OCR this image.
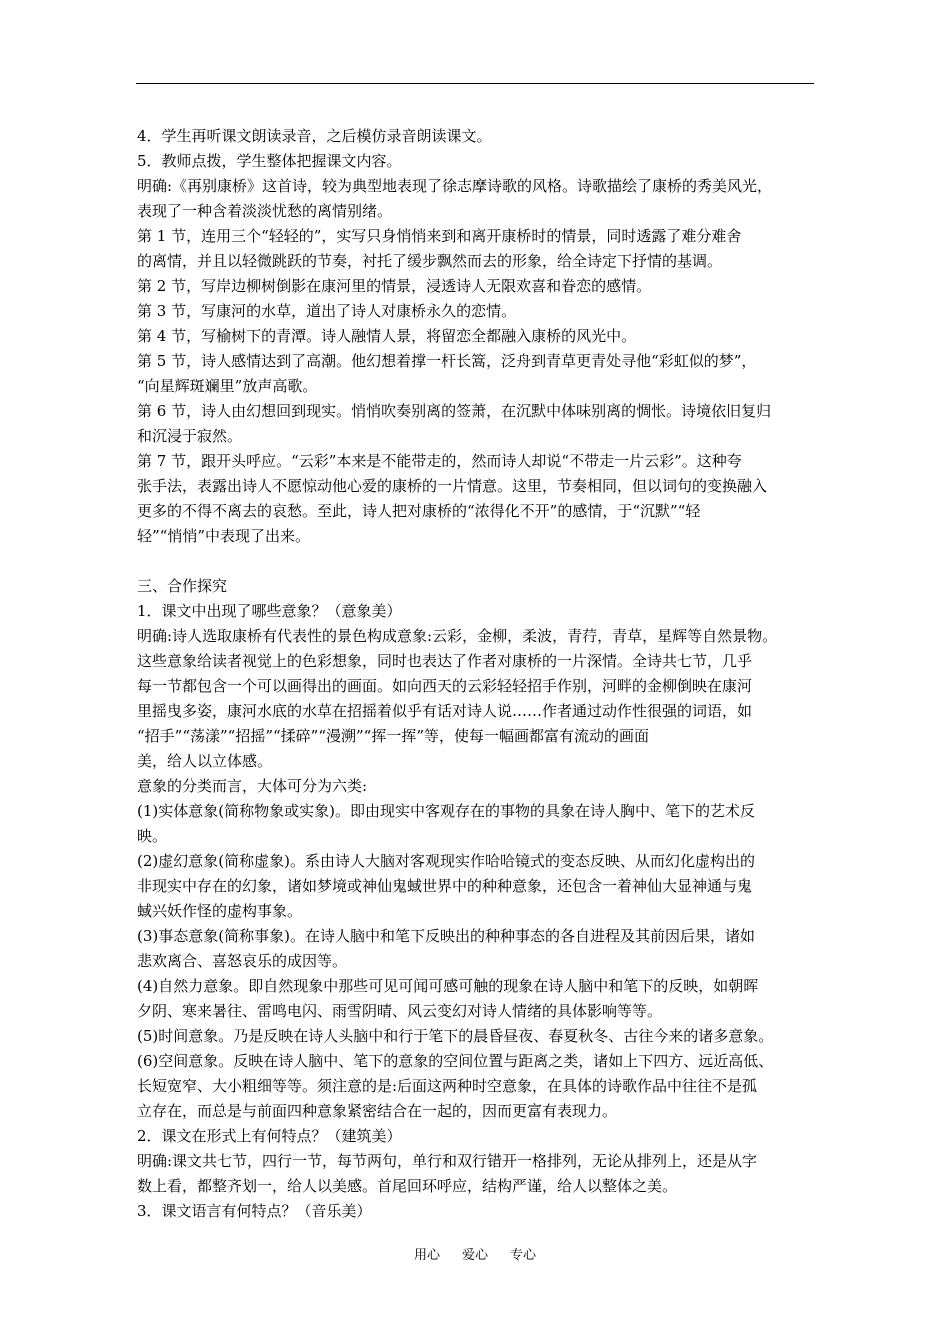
4．学生再听课文朗读录音，之后模仿录音朗读课文。
5．教师点拨，学生整体把握课文内容。
明确:《再别康桥》这首诗，较为典型地表现了徐志摩诗歌的风格。诗歌描绘了康桥的秀美风光，
表现了一种含着淡淡忧愁的离情别绪。
第 1 节，连用三个“轻轻的”，实写只身悄悄来到和离开康桥时的情景，同时透露了难分难舍
的离情，并且以轻微跳跃的节奏，衬托了缓步飘然而去的形象，给全诗定下抒情的基调。
第 2 节，写岸边柳树倒影在康河里的情景，浸透诗人无限欢喜和眷恋的感情。
第 3 节，写康河的水草，道出了诗人对康桥永久的恋情。
第 4 节，写榆树下的青潭。诗人融情人景，将留恋全都融入康桥的风光中。
第 5 节，诗人感情达到了高潮。他幻想着撑一杆长篙，泛舟到青草更青处寻他“彩虹似的梦”，
“向星辉斑斓里”放声高歌。
第 6 节，诗人由幻想回到现实。悄悄吹奏别离的签萧，在沉默中体味别离的惆怅。诗境依旧复归
和沉浸于寂然。
第 7 节，跟开头呼应。“云彩”本来是不能带走的，然而诗人却说“不带走一片云彩”。这种夸
张手法，表露出诗人不愿惊动他心爱的康桥的一片情意。这里，节奏相同，但以词句的变换融入
更多的不得不离去的哀愁。至此，诗人把对康桥的“浓得化不开”的感情，于“沉默”“轻
轻”“悄悄”中表现了出来。
三、合作探究
1．课文中出现了哪些意象？（意象美）
明确:诗人选取康桥有代表性的景色构成意象:云彩，金柳，柔波，青荇，青草，星辉等自然景物。
这些意象给读者视觉上的色彩想象，同时也表达了作者对康桥的一片深情。全诗共七节，几乎
每一节都包含一个可以画得出的画面。如向西天的云彩轻轻招手作别，河畔的金柳倒映在康河
里摇曳多姿，康河水底的水草在招摇着似乎有话对诗人说……作者通过动作性很强的词语，如
“招手”“荡漾”“招摇”“揉碎”“漫溯”“挥一挥”等，使每一幅画都富有流动的画面
美，给人以立体感。
意象的分类而言，大体可分为六类:
(1)实体意象(简称物象或实象)。即由现实中客观存在的事物的具象在诗人胸中、笔下的艺术反
映。
(2)虚幻意象(简称虚象)。系由诗人大脑对客观现实作哈哈镜式的变态反映、从而幻化虚构出的
非现实中存在的幻象，诸如梦境或神仙鬼蜮世界中的种种意象，还包含一着神仙大显神通与鬼
蜮兴妖作怪的虚构事象。
(3)事态意象(简称事象)。在诗人脑中和笔下反映出的种种事态的各自进程及其前因后果，诸如
悲欢离合、喜怒哀乐的成因等。
(4)自然力意象。即自然现象中那些可见可闻可感可触的现象在诗人脑中和笔下的反映，如朝晖
夕阴、寒来暑往、雷鸣电闪、雨雪阴晴、风云变幻对诗人情绪的具体影响等等。
(5)时间意象。乃是反映在诗人头脑中和行于笔下的晨昏昼夜、春夏秋冬、古往今来的诸多意象。
(6)空间意象。反映在诗人脑中、笔下的意象的空间位置与距离之类，诸如上下四方、远近高低、
长短宽窄、大小粗细等等。须注意的是:后面这两种时空意象，在具体的诗歌作品中往往不是孤
立存在，而总是与前面四种意象紧密结合在一起的，因而更富有表现力。
2．课文在形式上有何特点？（建筑美）
明确:课文共七节，四行一节，每节两句，单行和双行错开一格排列，无论从排列上，还是从字
数上看，都整齐划一，给人以美感。首尾回环呼应，结构严谨，给人以整体之美。
3．课文语言有何特点？（音乐美）
用心 爱心 专心
